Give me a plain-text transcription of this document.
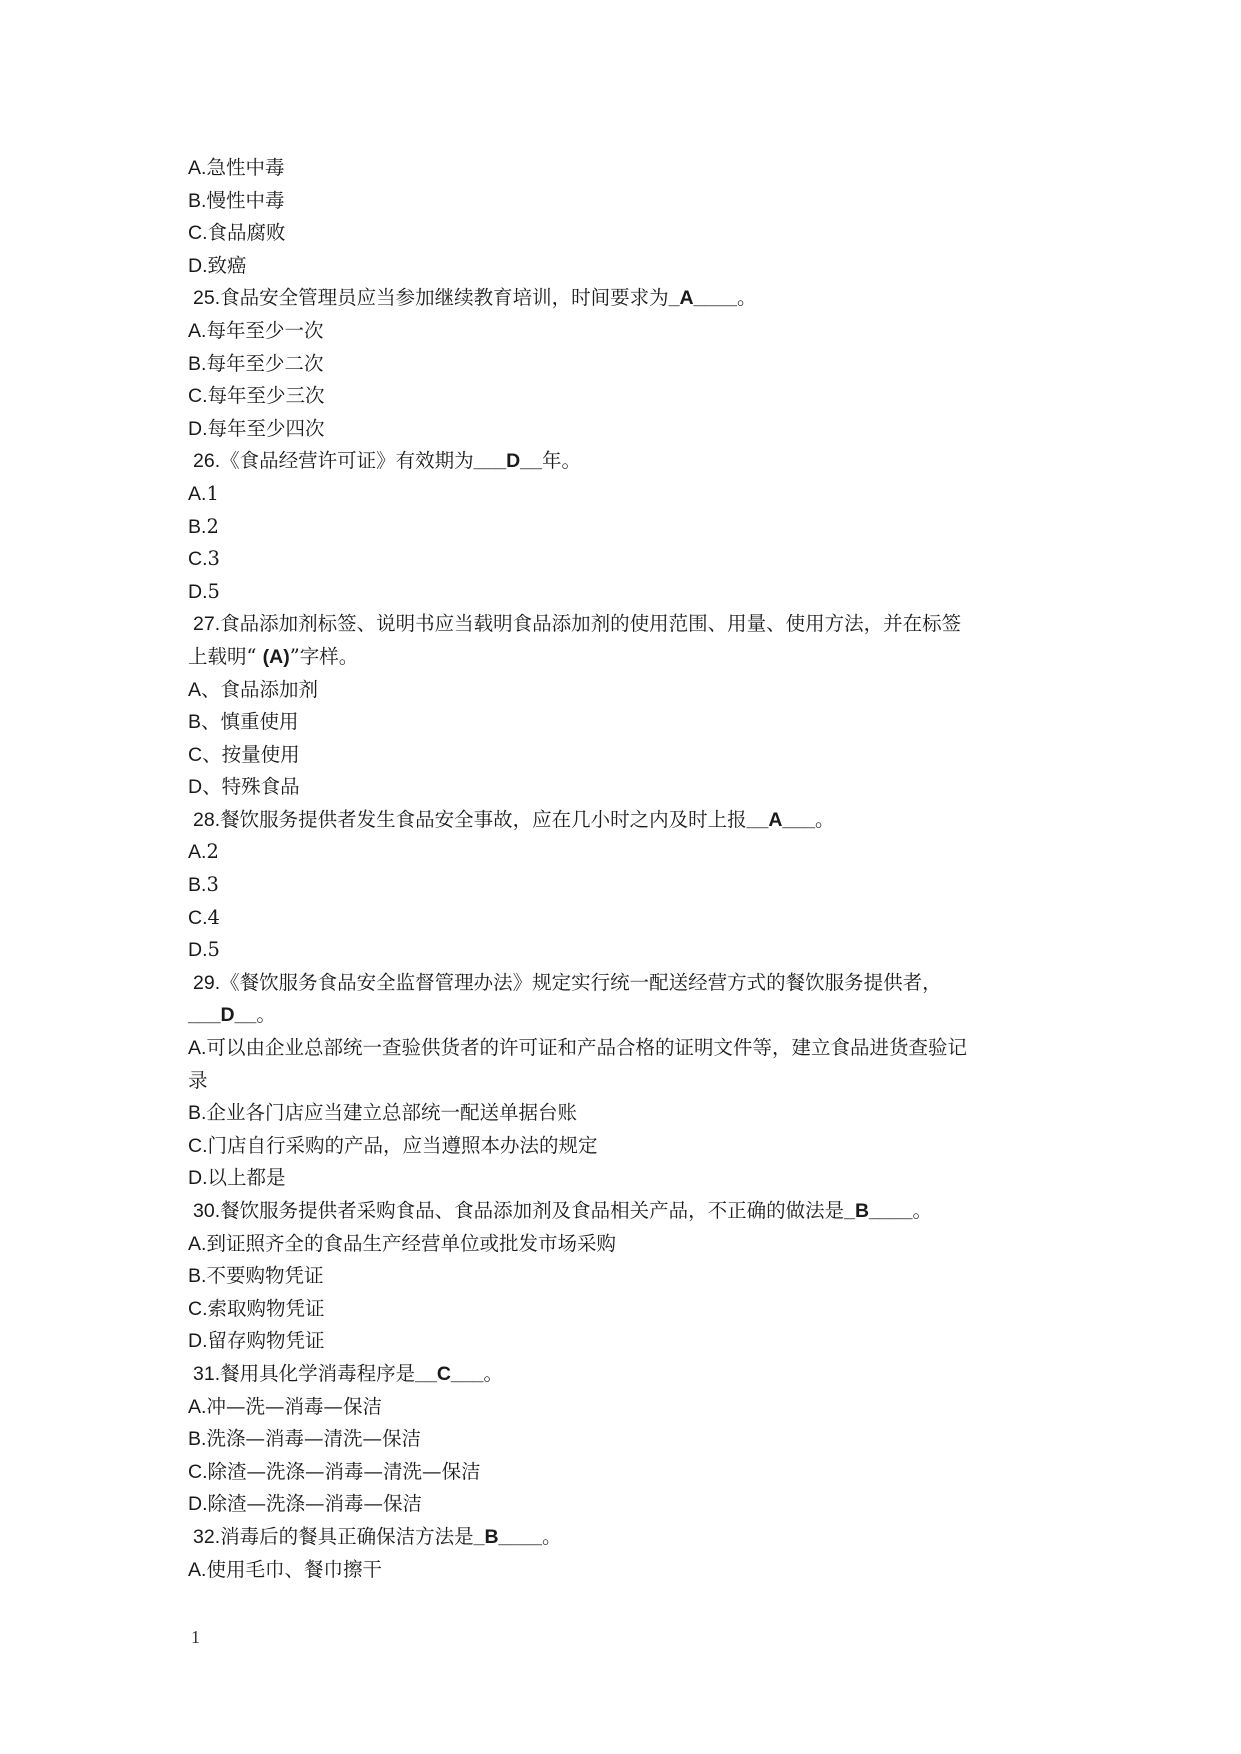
A.急性中毒
B.慢性中毒
C.食品腐败
D.致癌
25.食品安全管理员应当参加继续教育培训，时间要求为_A____。
A.每年至少一次
B.每年至少二次
C.每年至少三次
D.每年至少四次
26.《食品经营许可证》有效期为___D__年。
A.1
B.2
C.3
D.5
27.食品添加剂标签、说明书应当载明食品添加剂的使用范围、用量、使用方法，并在标签
上载明“ (A)”字样。
A、食品添加剂
B、慎重使用
C、按量使用
D、特殊食品
28.餐饮服务提供者发生食品安全事故，应在几小时之内及时上报__A___。
A.2
B.3
C.4
D.5
29.《餐饮服务食品安全监督管理办法》规定实行统一配送经营方式的餐饮服务提供者，
___D__。
A.可以由企业总部统一查验供货者的许可证和产品合格的证明文件等，建立食品进货查验记
录
B.企业各门店应当建立总部统一配送单据台账
C.门店自行采购的产品，应当遵照本办法的规定
D.以上都是
30.餐饮服务提供者采购食品、食品添加剂及食品相关产品，不正确的做法是_B____。
A.到证照齐全的食品生产经营单位或批发市场采购
B.不要购物凭证
C.索取购物凭证
D.留存购物凭证
31.餐用具化学消毒程序是__C___。
A.冲—洗—消毒—保洁
B.洗涤—消毒—清洗—保洁
C.除渣—洗涤—消毒—清洗—保洁
D.除渣—洗涤—消毒—保洁
32.消毒后的餐具正确保洁方法是_B____。
A.使用毛巾、餐巾擦干
1
